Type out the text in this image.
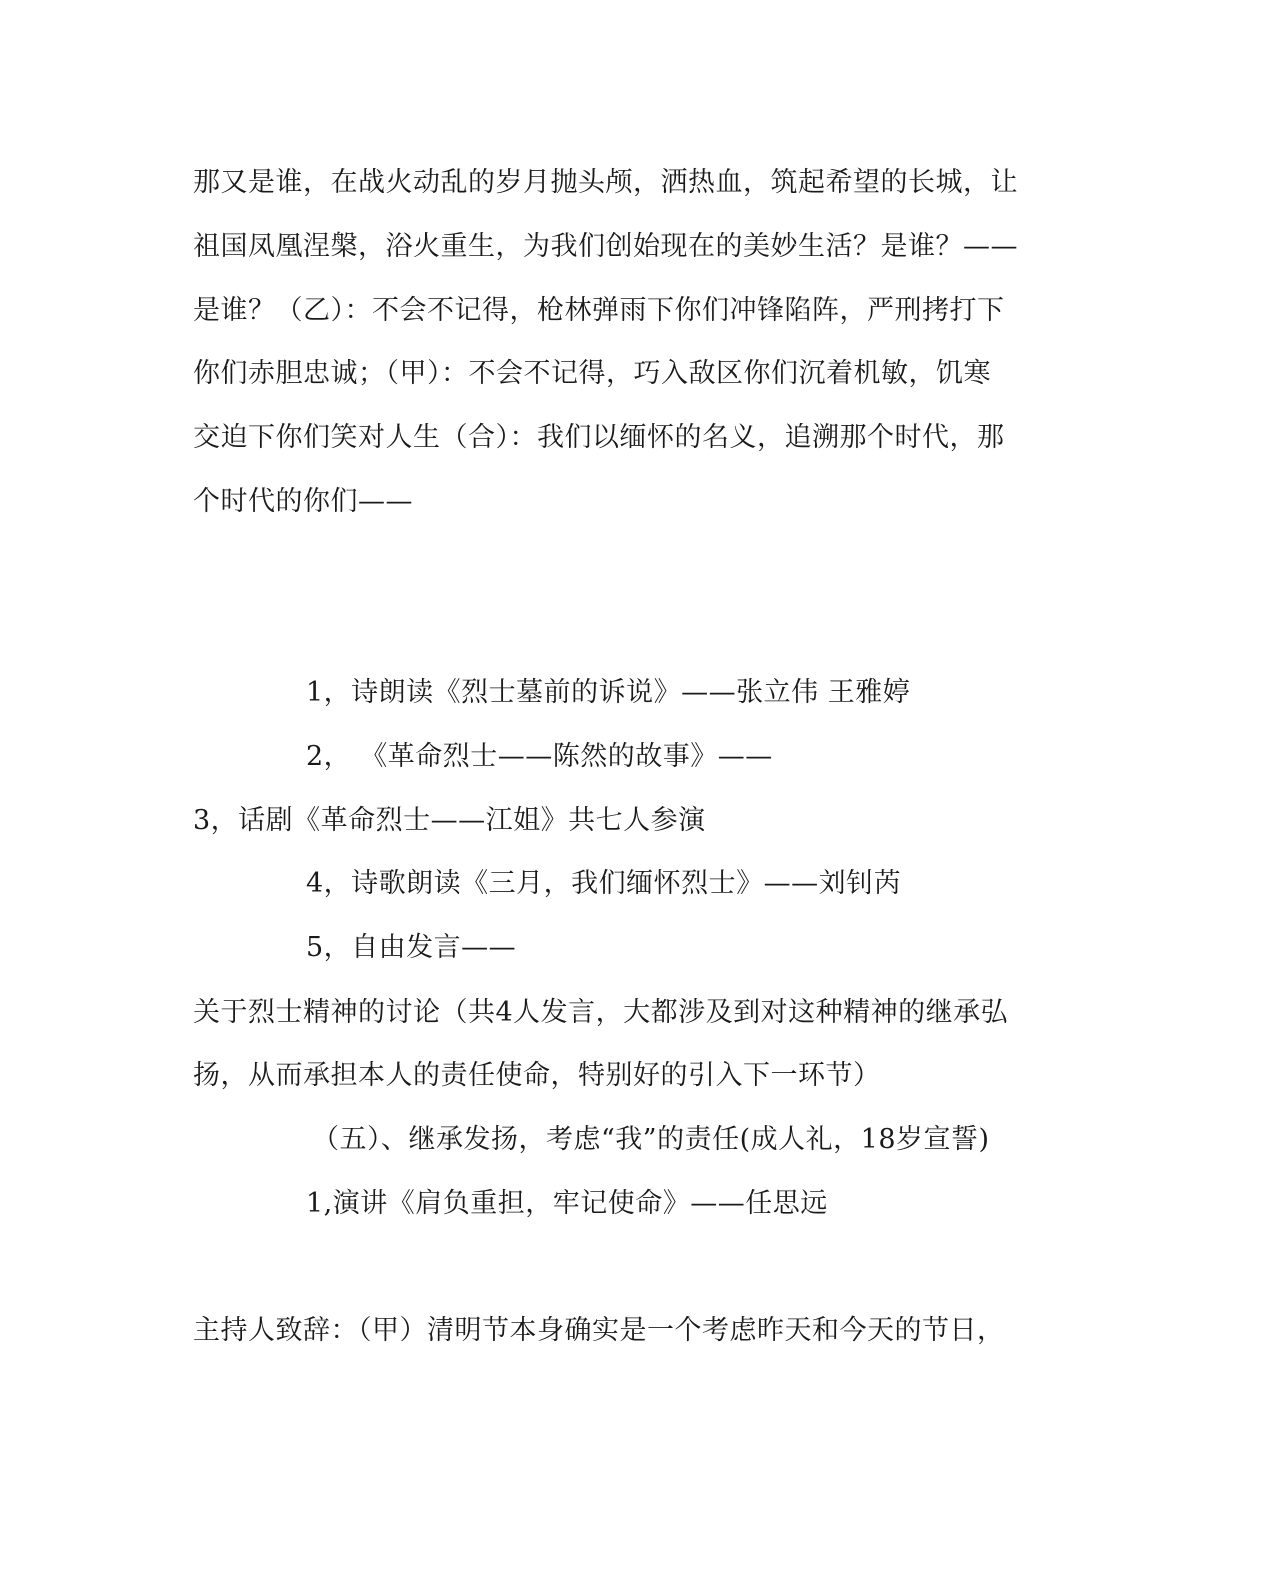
那又是谁，在战火动乱的岁月抛头颅，洒热血，筑起希望的长城，让
祖国凤凰涅槃，浴火重生，为我们创始现在的美妙生活？是谁？——
是谁？（乙）：不会不记得，枪林弹雨下你们冲锋陷阵，严刑拷打下
你们赤胆忠诚；（甲）：不会不记得，巧入敌区你们沉着机敏，饥寒
交迫下你们笑对人生（合）：我们以缅怀的名义，追溯那个时代，那
个时代的你们——
1，诗朗读《烈士墓前的诉说》——张立伟 王雅婷
2， 《革命烈士——陈然的故事》——
3，话剧《革命烈士——江姐》共七人参演
4，诗歌朗读《三月，我们缅怀烈士》——刘钊芮
5，自由发言——
关于烈士精神的讨论（共4人发言，大都涉及到对这种精神的继承弘
扬，从而承担本人的责任使命，特别好的引入下一环节）
（五）、继承发扬，考虑“我”的责任(成人礼，18岁宣誓)
1,演讲《肩负重担，牢记使命》——任思远
主持人致辞：（甲）清明节本身确实是一个考虑昨天和今天的节日，
